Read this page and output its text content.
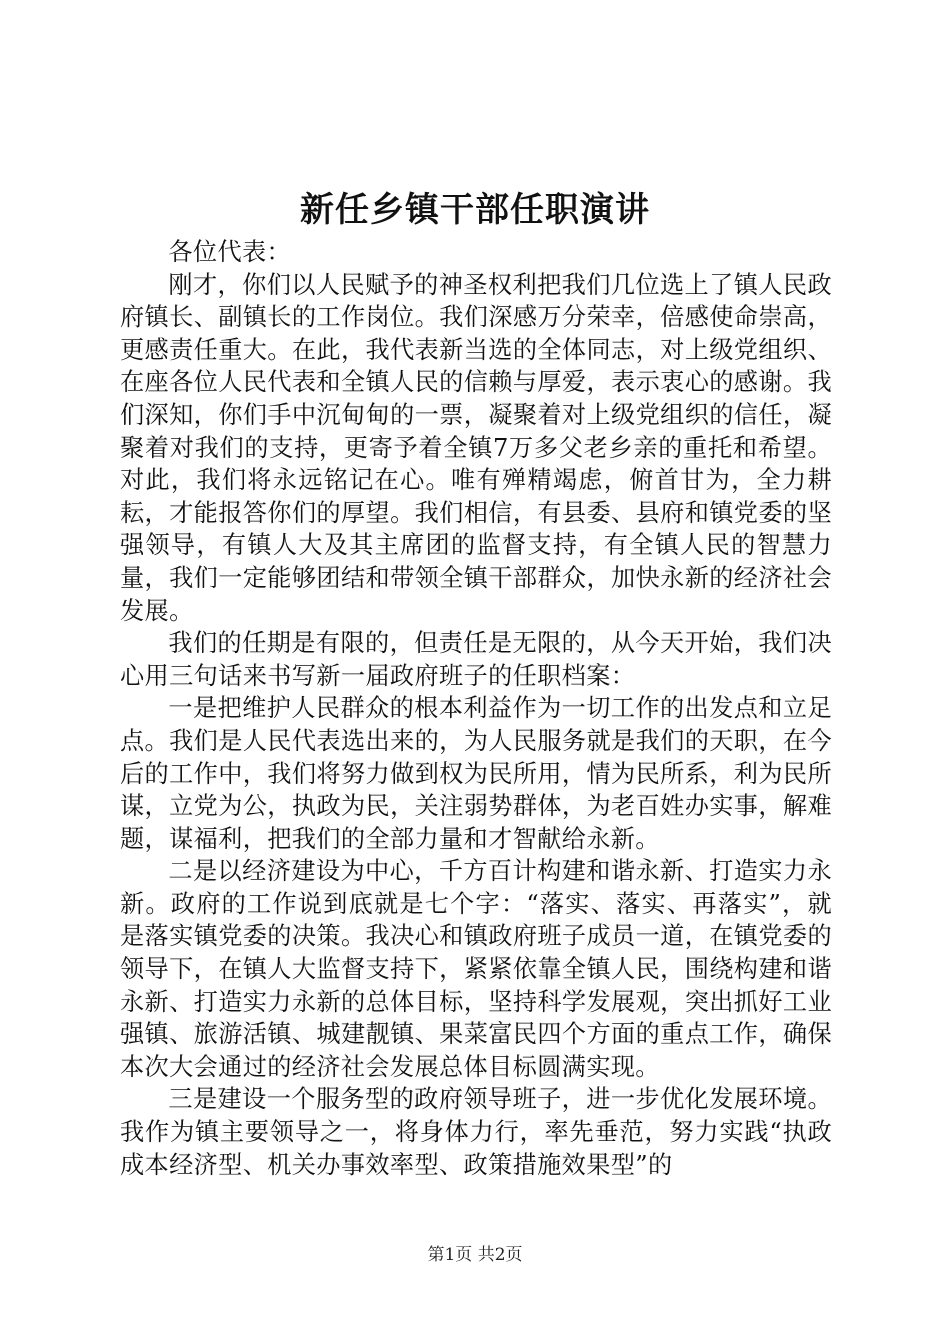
新任乡镇干部任职演讲

各位代表：

刚才，你们以人民赋予的神圣权利把我们几位选上了镇人民政府镇长、副镇长的工作岗位。我们深感万分荣幸，倍感使命崇高，更感责任重大。在此，我代表新当选的全体同志，对上级党组织、在座各位人民代表和全镇人民的信赖与厚爱，表示衷心的感谢。我们深知，你们手中沉甸甸的一票，凝聚着对上级党组织的信任，凝聚着对我们的支持，更寄予着全镇7万多父老乡亲的重托和希望。对此，我们将永远铭记在心。唯有殚精竭虑，俯首甘为，全力耕耘，才能报答你们的厚望。我们相信，有县委、县府和镇党委的坚强领导，有镇人大及其主席团的监督支持，有全镇人民的智慧力量，我们一定能够团结和带领全镇干部群众，加快永新的经济社会发展。

我们的任期是有限的，但责任是无限的，从今天开始，我们决心用三句话来书写新一届政府班子的任职档案：

一是把维护人民群众的根本利益作为一切工作的出发点和立足点。我们是人民代表选出来的，为人民服务就是我们的天职，在今后的工作中，我们将努力做到权为民所用，情为民所系，利为民所谋，立党为公，执政为民，关注弱势群体，为老百姓办实事，解难题，谋福利，把我们的全部力量和才智献给永新。

二是以经济建设为中心，千方百计构建和谐永新、打造实力永新。政府的工作说到底就是七个字：“落实、落实、再落实”，就是落实镇党委的决策。我决心和镇政府班子成员一道，在镇党委的领导下，在镇人大监督支持下，紧紧依靠全镇人民，围绕构建和谐永新、打造实力永新的总体目标，坚持科学发展观，突出抓好工业强镇、旅游活镇、城建靓镇、果菜富民四个方面的重点工作，确保本次大会通过的经济社会发展总体目标圆满实现。

三是建设一个服务型的政府领导班子，进一步优化发展环境。我作为镇主要领导之一，将身体力行，率先垂范，努力实践“执政成本经济型、机关办事效率型、政策措施效果型”的

第1页 共2页
